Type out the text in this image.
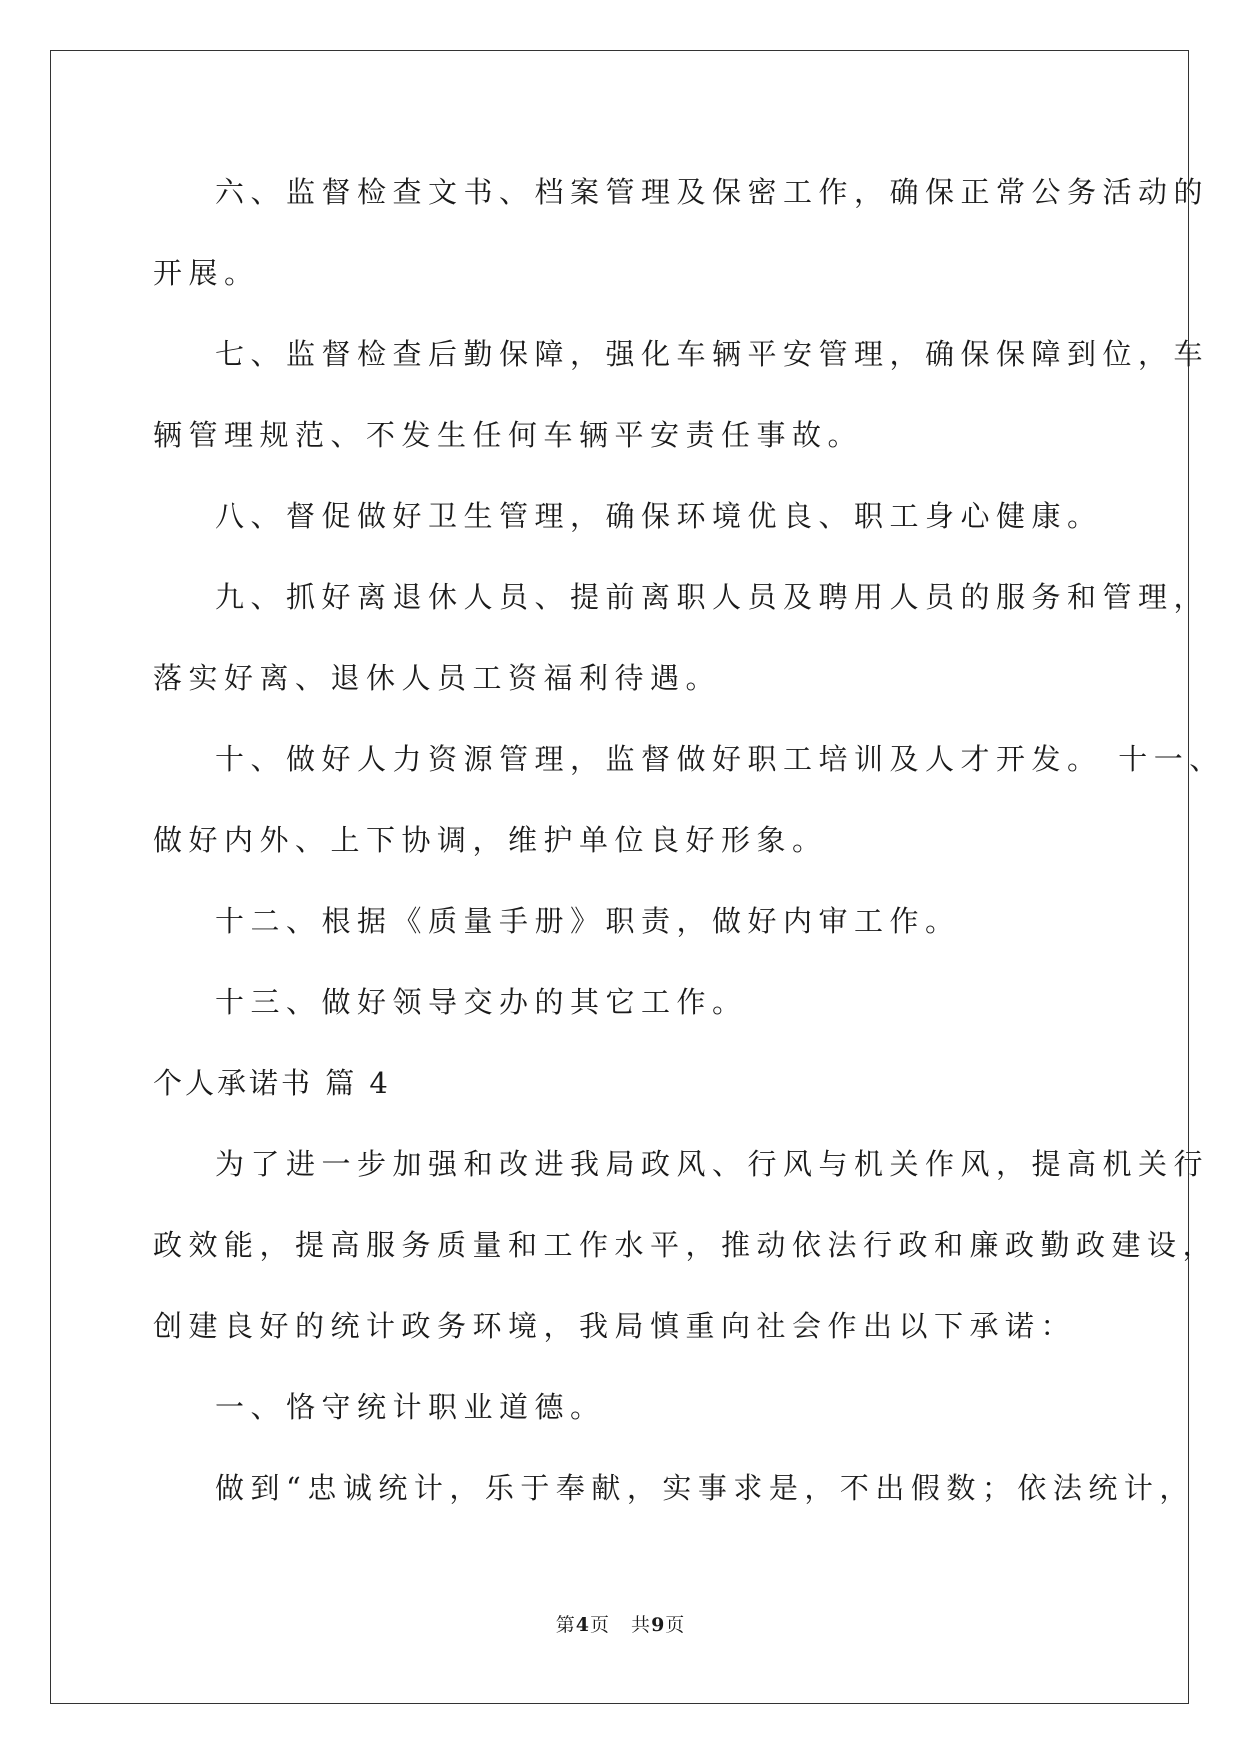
六、监督检查文书、档案管理及保密工作，确保正常公务活动的
开展。
七、监督检查后勤保障，强化车辆平安管理，确保保障到位，车
辆管理规范、不发生任何车辆平安责任事故。
八、督促做好卫生管理，确保环境优良、职工身心健康。
九、抓好离退休人员、提前离职人员及聘用人员的服务和管理，
落实好离、退休人员工资福利待遇。
十、做好人力资源管理，监督做好职工培训及人才开发。 十一、
做好内外、上下协调，维护单位良好形象。
十二、根据《质量手册》职责，做好内审工作。
十三、做好领导交办的其它工作。
个人承诺书 篇 4
为了进一步加强和改进我局政风、行风与机关作风，提高机关行
政效能，提高服务质量和工作水平，推动依法行政和廉政勤政建设，
创建良好的统计政务环境，我局慎重向社会作出以下承诺：
一、恪守统计职业道德。
做到“忠诚统计，乐于奉献，实事求是，不出假数；依法统计，
第4页   共9页
